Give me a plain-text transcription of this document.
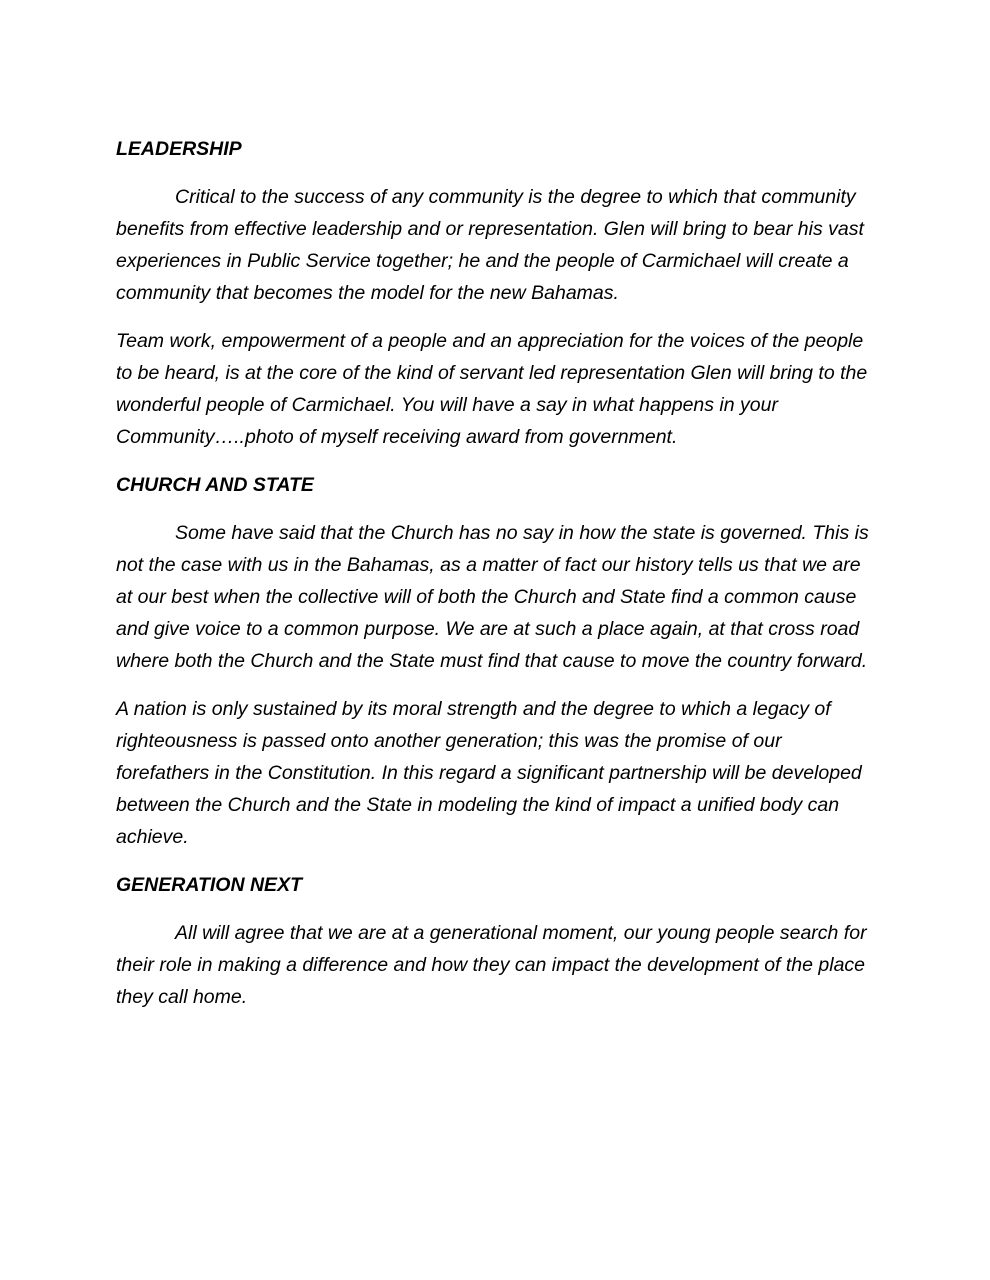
LEADERSHIP

Critical to the success of any community is the degree to which that community benefits from effective leadership and or representation. Glen will bring to bear his vast experiences in Public Service together; he and the people of Carmichael will create a community that becomes the model for the new Bahamas.

Team work, empowerment of a people and an appreciation for the voices of the people to be heard, is at the core of the kind of servant led representation Glen will bring to the wonderful people of Carmichael. You will have a say in what happens in your Community…..photo of myself receiving award from government.

CHURCH AND STATE

Some have said that the Church has no say in how the state is governed. This is not the case with us in the Bahamas, as a matter of fact our history tells us that we are at our best when the collective will of both the Church and State find a common cause and give voice to a common purpose. We are at such a place again, at that cross road where both the Church and the State must find that cause to move the country forward.

A nation is only sustained by its moral strength and the degree to which a legacy of righteousness is passed onto another generation; this was the promise of our forefathers in the Constitution. In this regard a significant partnership will be developed between the Church and the State in modeling the kind of impact a unified body can achieve.

GENERATION NEXT

All will agree that we are at a generational moment, our young people search for their role in making a difference and how they can impact the development of the place they call home.
